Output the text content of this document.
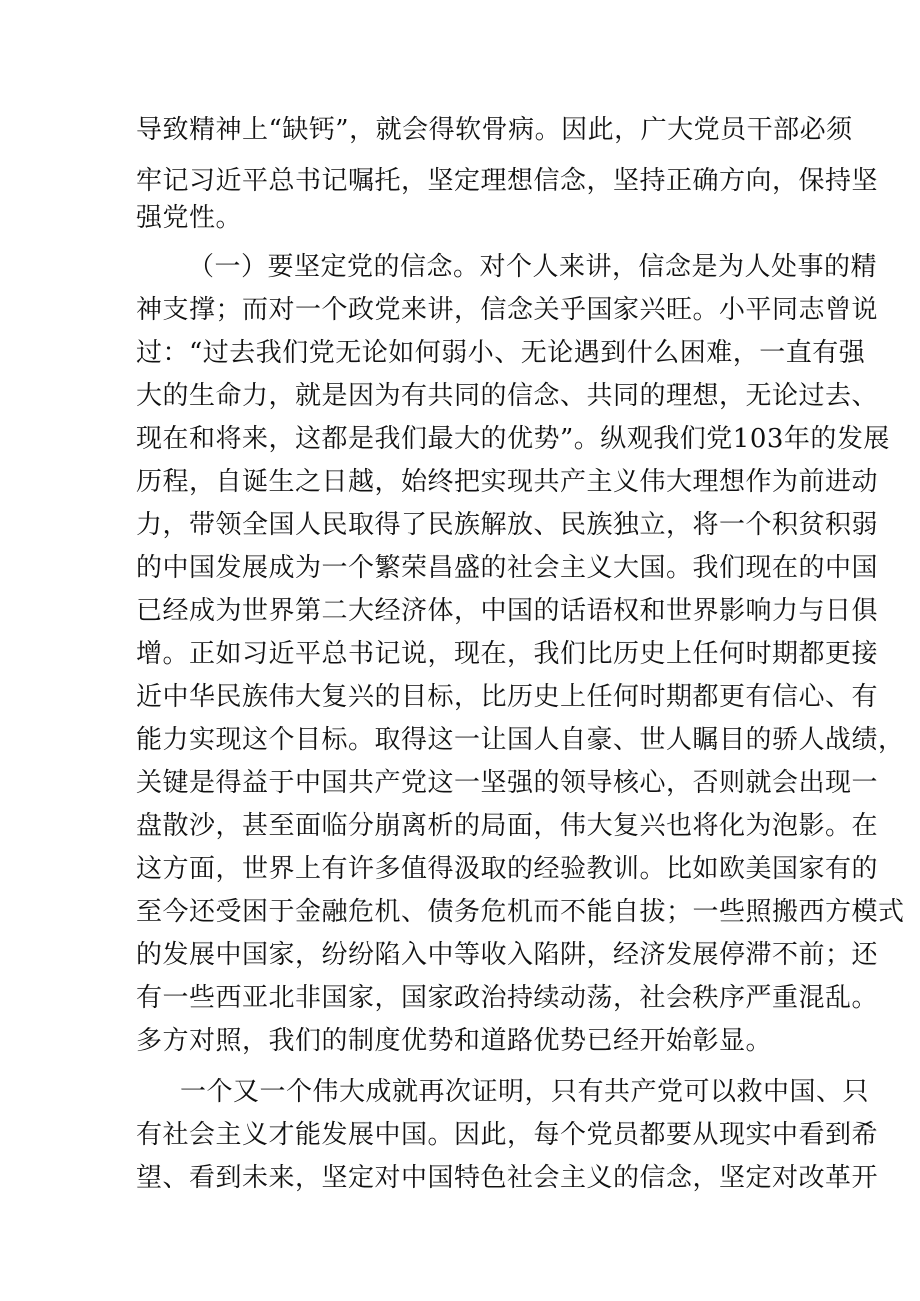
导致精神上“缺钙”，就会得软骨病。因此，广大党员干部必须
牢记习近平总书记嘱托，坚定理想信念，坚持正确方向，保持坚
强党性。
（一）要坚定党的信念。对个人来讲，信念是为人处事的精
神支撑；而对一个政党来讲，信念关乎国家兴旺。小平同志曾说
过：“过去我们党无论如何弱小、无论遇到什么困难，一直有强
大的生命力，就是因为有共同的信念、共同的理想，无论过去、
现在和将来，这都是我们最大的优势”。纵观我们党103年的发展
历程，自诞生之日越，始终把实现共产主义伟大理想作为前进动
力，带领全国人民取得了民族解放、民族独立，将一个积贫积弱
的中国发展成为一个繁荣昌盛的社会主义大国。我们现在的中国
已经成为世界第二大经济体，中国的话语权和世界影响力与日俱
增。正如习近平总书记说，现在，我们比历史上任何时期都更接
近中华民族伟大复兴的目标，比历史上任何时期都更有信心、有
能力实现这个目标。取得这一让国人自豪、世人瞩目的骄人战绩，
关键是得益于中国共产党这一坚强的领导核心，否则就会出现一
盘散沙，甚至面临分崩离析的局面，伟大复兴也将化为泡影。在
这方面，世界上有许多值得汲取的经验教训。比如欧美国家有的
至今还受困于金融危机、债务危机而不能自拔；一些照搬西方模式
的发展中国家，纷纷陷入中等收入陷阱，经济发展停滞不前；还
有一些西亚北非国家，国家政治持续动荡，社会秩序严重混乱。
多方对照，我们的制度优势和道路优势已经开始彰显。
一个又一个伟大成就再次证明，只有共产党可以救中国、只
有社会主义才能发展中国。因此，每个党员都要从现实中看到希
望、看到未来，坚定对中国特色社会主义的信念，坚定对改革开
